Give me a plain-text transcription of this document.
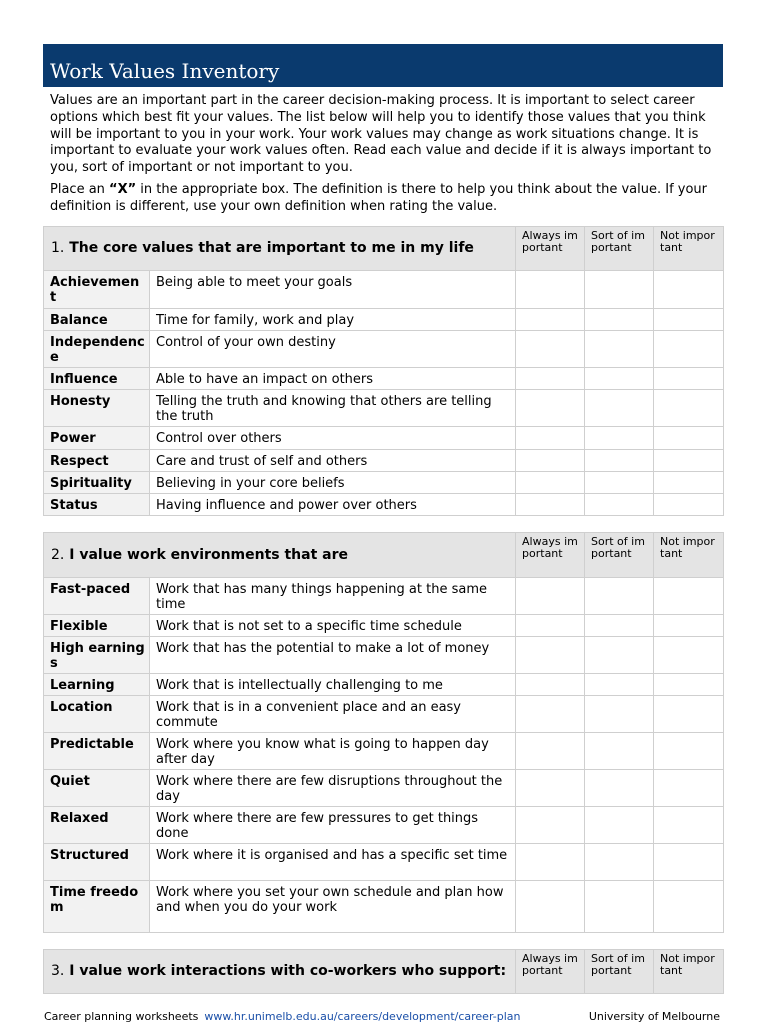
Work Values Inventory

Values are an important part in the career decision-making process. It is important to select career options which best fit your values. The list below will help you to identify those values that you think will be important to you in your work. Your work values may change as work situations change. It is important to evaluate your work values often. Read each value and decide if it is always important to you, sort of important or not important to you.

Place an “X” in the appropriate box. The definition is there to help you think about the value. If your definition is different, use your own definition when rating the value.

1. The core values that are important to me in my life		Always important	Sort of important	Not important
Achievement	Being able to meet your goals			
Balance	Time for family, work and play			
Independence	Control of your own destiny			
Influence	Able to have an impact on others			
Honesty	Telling the truth and knowing that others are telling the truth			
Power	Control over others			
Respect	Care and trust of self and others			
Spirituality	Believing in your core beliefs			
Status	Having influence and power over others			
2. I value work environments that are		Always important	Sort of important	Not important
Fast-paced	Work that has many things happening at the same time			
Flexible	Work that is not set to a specific time schedule			
High earnings	Work that has the potential to make a lot of money			
Learning	Work that is intellectually challenging to me			
Location	Work that is in a convenient place and an easy commute			
Predictable	Work where you know what is going to happen day after day			
Quiet	Work where there are few disruptions throughout the day			
Relaxed	Work where there are few pressures to get things done			
Structured	Work where it is organised and has a specific set time			
Time freedom	Work where you set your own schedule and plan how
and when you do your work			
3. I value work interactions with co-workers who support:	Always important	Sort of important	Not important
Career planning worksheets www.hr.unimelb.edu.au/careers/development/career-plan	University of Melbourne
